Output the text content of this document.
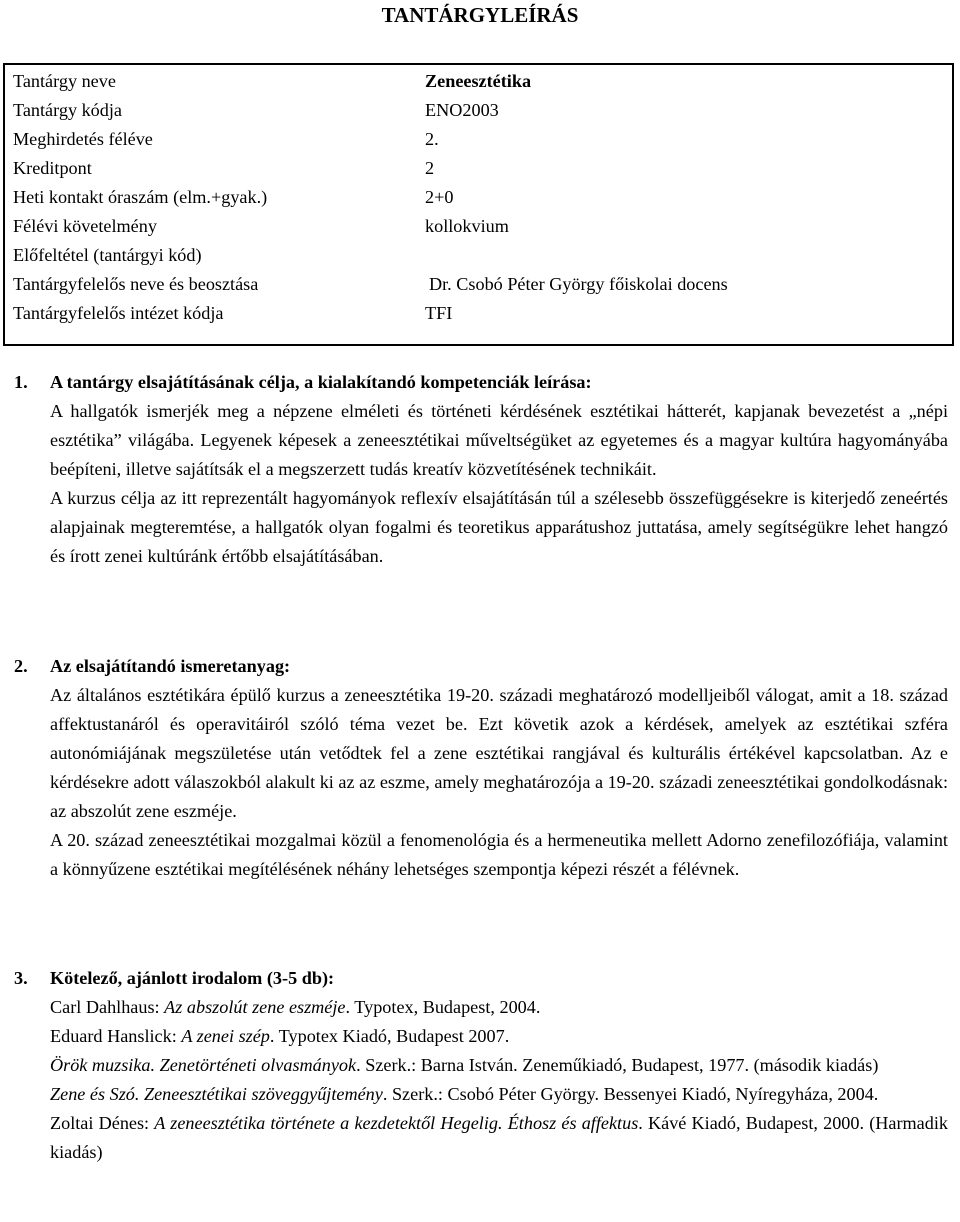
TANTÁRGYLEÍRÁS
Tantárgy neve	Zeneesztétika
Tantárgy kódja	ENO2003
Meghirdetés féléve	2.
Kreditpont	2
Heti kontakt óraszám (elm.+gyak.)	2+0
Félévi követelmény	kollokvium
Előfeltétel (tantárgyi kód)
Tantárgyfelelős neve és beosztása	Dr. Csobó Péter György főiskolai docens
Tantárgyfelelős intézet kódja	TFI
1. A tantárgy elsajátításának célja, a kialakítandó kompetenciák leírása:
A hallgatók ismerjék meg a népzene elméleti és történeti kérdésének esztétikai hátterét, kapjanak bevezetést a „népi esztétika” világába. Legyenek képesek a zeneesztétikai műveltségüket az egyetemes és a magyar kultúra hagyományába beépíteni, illetve sajátítsák el a megszerzett tudás kreatív közvetítésének technikáit.
A kurzus célja az itt reprezentált hagyományok reflexív elsajátításán túl a szélesebb összefüggésekre is kiterjedő zeneértés alapjainak megteremtése, a hallgatók olyan fogalmi és teoretikus apparátushoz juttatása, amely segítségükre lehet hangzó és írott zenei kultúránk értőbb elsajátításában.
2. Az elsajátítandó ismeretanyag:
Az általános esztétikára épülő kurzus a zeneesztétika 19-20. századi meghatározó modelljeiből válogat, amit a 18. század affektustanáról és operavitáiról szóló téma vezet be. Ezt követik azok a kérdések, amelyek az esztétikai szféra autonómiájának megszületése után vetődtek fel a zene esztétikai rangjával és kulturális értékével kapcsolatban. Az e kérdésekre adott válaszokból alakult ki az az eszme, amely meghatározója a 19-20. századi zeneesztétikai gondolkodásnak: az abszolút zene eszméje.
A 20. század zeneesztétikai mozgalmai közül a fenomenológia és a hermeneutika mellett Adorno zenefilozófiája, valamint a könnyűzene esztétikai megítélésének néhány lehetséges szempontja képezi részét a félévnek.
3. Kötelező, ajánlott irodalom (3-5 db):
Carl Dahlhaus: Az abszolút zene eszméje. Typotex, Budapest, 2004.
Eduard Hanslick: A zenei szép. Typotex Kiadó, Budapest 2007.
Örök muzsika. Zenetörténeti olvasmányok. Szerk.: Barna István. Zeneműkiadó, Budapest, 1977. (második kiadás)
Zene és Szó. Zeneesztétikai szöveggyűjtemény. Szerk.: Csobó Péter György. Bessenyei Kiadó, Nyíregyháza, 2004.
Zoltai Dénes: A zeneesztétika története a kezdetektől Hegelig. Éthosz és affektus. Kávé Kiadó, Budapest, 2000. (Harmadik kiadás)
